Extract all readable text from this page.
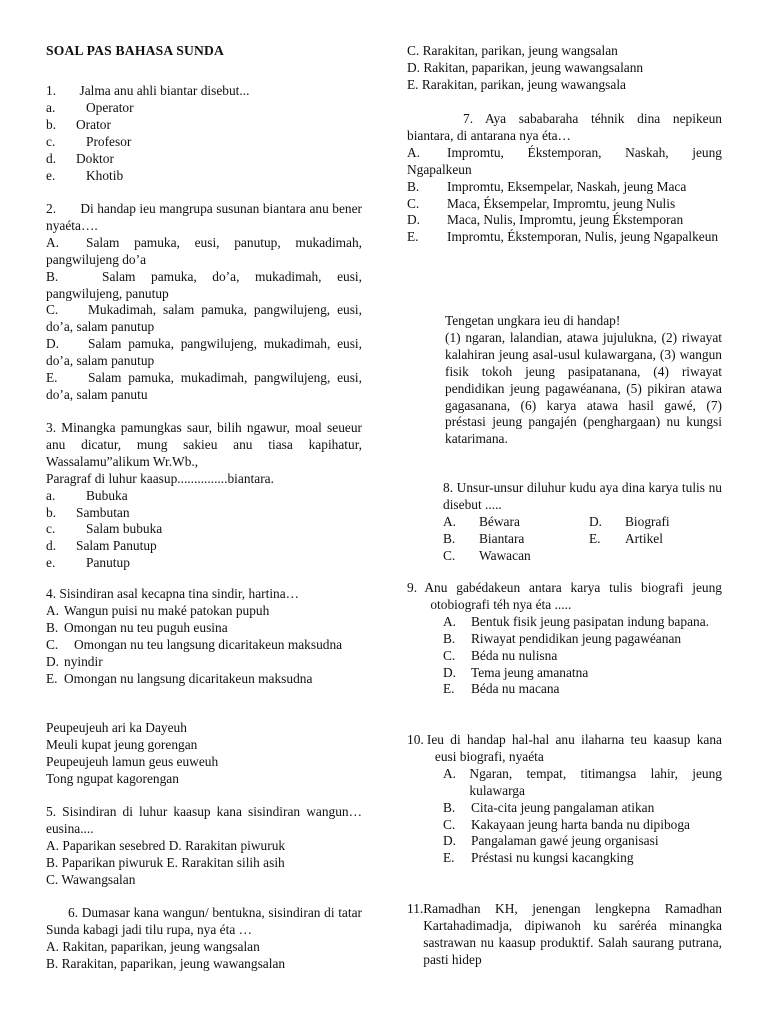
SOAL PAS BAHASA SUNDA
1.       Jalma anu ahli biantar disebut...
a.	Operator
b.	Orator
c.	Profesor
d.	Doktor
e.	Khotib
2.       Di handap ieu mangrupa susunan biantara anu bener nyaéta….
A.	Salam pamuka, eusi, panutup, mukadimah, pangwilujeng do’a
B.	Salam pamuka, do’a, mukadimah, eusi, pangwilujeng, panutup
C.	Mukadimah, salam pamuka, pangwilujeng, eusi, do’a, salam panutup
D.	Salam pamuka, pangwilujeng, mukadimah, eusi, do’a, salam panutup
E.	Salam pamuka, mukadimah, pangwilujeng, eusi, do’a, salam panutu
3. Minangka pamungkas saur, bilih ngawur, moal seueur anu dicatur, mung sakieu anu tiasa kapihatur, Wassalamu”alikum Wr.Wb.,
Paragraf di luhur kaasup...............biantara.
a.	Bubuka
b.	Sambutan
c.	Salam bubuka
d.	Salam Panutup
e.	Panutup
4. Sisindiran asal kecapna tina sindir, hartina…
A. Wangun puisi nu maké patokan pupuh
B. Omongan nu teu puguh eusina
C.	Omongan nu teu langsung dicaritakeun maksudna
D. nyindir
E. Omongan nu langsung dicaritakeun maksudna
Peupeujeuh ari ka Dayeuh
Meuli kupat jeung gorengan
Peupeujeuh lamun geus euweuh
Tong ngupat kagorengan
5. Sisindiran di luhur kaasup kana sisindiran wangun…eusina....
A. Paparikan sesebred D. Rarakitan piwuruk
B. Paparikan piwuruk E. Rarakitan silih asih
C. Wawangsalan
6. Dumasar kana wangun/ bentukna, sisindiran di tatar Sunda kabagi jadi tilu rupa, nya éta …
A. Rakitan, paparikan, jeung wangsalan
B. Rarakitan, paparikan, jeung wawangsalan
C. Rarakitan, parikan, jeung wangsalan
D. Rakitan, paparikan, jeung wawangsalann
E. Rarakitan, parikan, jeung wawangsala
7. Aya sababaraha téhnik dina nepikeun biantara, di antarana nya éta…
A.	Impromtu, Ékstemporan, Naskah, jeung Ngapalkeun
B.	Impromtu, Eksempelar, Naskah, jeung Maca
C.	Maca, Éksempelar, Impromtu, jeung Nulis
D.	Maca, Nulis, Impromtu, jeung Ékstemporan
E.	Impromtu, Ékstemporan, Nulis, jeung Ngapalkeun
Tengetan ungkara ieu di handap!
(1) ngaran, lalandian, atawa jujulukna, (2) riwayat kalahiran jeung asal-usul kulawargana, (3) wangun fisik tokoh jeung pasipatanana, (4) riwayat pendidikan jeung pagawéanana, (5) pikiran atawa gagasanana, (6) karya atawa hasil gawé, (7) préstasi jeung pangajén (penghargaan) nu kungsi katarimana.
8. Unsur-unsur diluhur kudu aya dina karya tulis nu disebut .....
A.	Béwara	D.	Biografi
B.	Biantara	E.	Artikel
C.	Wawacan
9. Anu gabédakeun antara karya tulis biografi jeung otobiografi téh nya éta .....
A.	Bentuk fisik jeung pasipatan indung bapana.
B.	Riwayat pendidikan jeung pagawéanan
C.	Béda nu nulisna
D.	Tema jeung amanatna
E.	Béda nu macana
10. Ieu di handap hal-hal anu ilaharna teu kaasup kana eusi biografi, nyaéta
A. Ngaran, tempat, titimangsa lahir, jeung kulawarga
B.	Cita-cita jeung pangalaman atikan
C.	Kakayaan jeung harta banda nu dipiboga
D.	Pangalaman gawé jeung organisasi
E.	Préstasi nu kungsi kacangking
11. Ramadhan KH, jenengan lengkepna Ramadhan Kartahadimadja, dipiwanoh ku saréréa minangka sastrawan nu kaasup produktif. Salah saurang putrana, pasti hidep
